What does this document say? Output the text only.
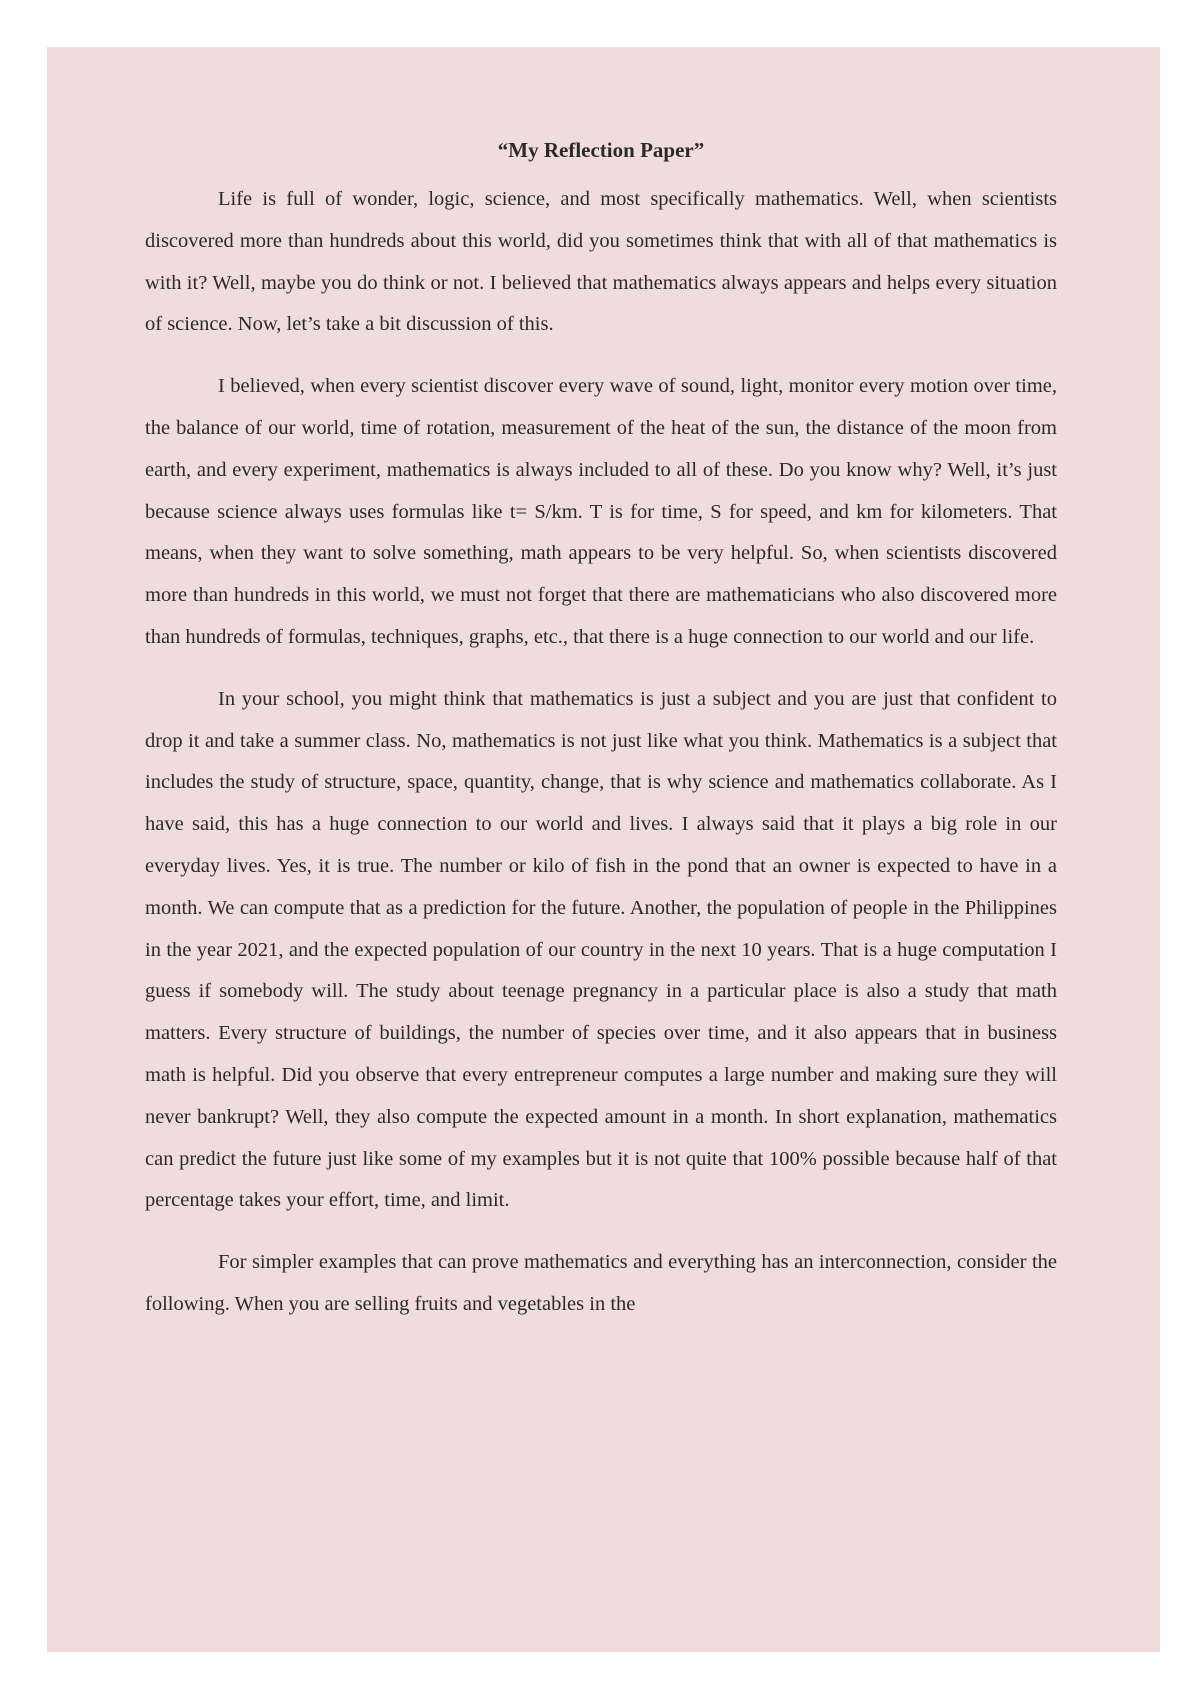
“My Reflection Paper”

Life is full of wonder, logic, science, and most specifically mathematics. Well, when scientists discovered more than hundreds about this world, did you sometimes think that with all of that mathematics is with it? Well, maybe you do think or not. I believed that mathematics always appears and helps every situation of science. Now, let’s take a bit discussion of this.

I believed, when every scientist discover every wave of sound, light, monitor every motion over time, the balance of our world, time of rotation, measurement of the heat of the sun, the distance of the moon from earth, and every experiment, mathematics is always included to all of these. Do you know why? Well, it’s just because science always uses formulas like t= S/km. T is for time, S for speed, and km for kilometers. That means, when they want to solve something, math appears to be very helpful. So, when scientists discovered more than hundreds in this world, we must not forget that there are mathematicians who also discovered more than hundreds of formulas, techniques, graphs, etc., that there is a huge connection to our world and our life.

In your school, you might think that mathematics is just a subject and you are just that confident to drop it and take a summer class. No, mathematics is not just like what you think. Mathematics is a subject that includes the study of structure, space, quantity, change, that is why science and mathematics collaborate. As I have said, this has a huge connection to our world and lives. I always said that it plays a big role in our everyday lives. Yes, it is true. The number or kilo of fish in the pond that an owner is expected to have in a month. We can compute that as a prediction for the future. Another, the population of people in the Philippines in the year 2021, and the expected population of our country in the next 10 years. That is a huge computation I guess if somebody will. The study about teenage pregnancy in a particular place is also a study that math matters. Every structure of buildings, the number of species over time, and it also appears that in business math is helpful. Did you observe that every entrepreneur computes a large number and making sure they will never bankrupt? Well, they also compute the expected amount in a month. In short explanation, mathematics can predict the future just like some of my examples but it is not quite that 100% possible because half of that percentage takes your effort, time, and limit.

For simpler examples that can prove mathematics and everything has an interconnection, consider the following. When you are selling fruits and vegetables in the
